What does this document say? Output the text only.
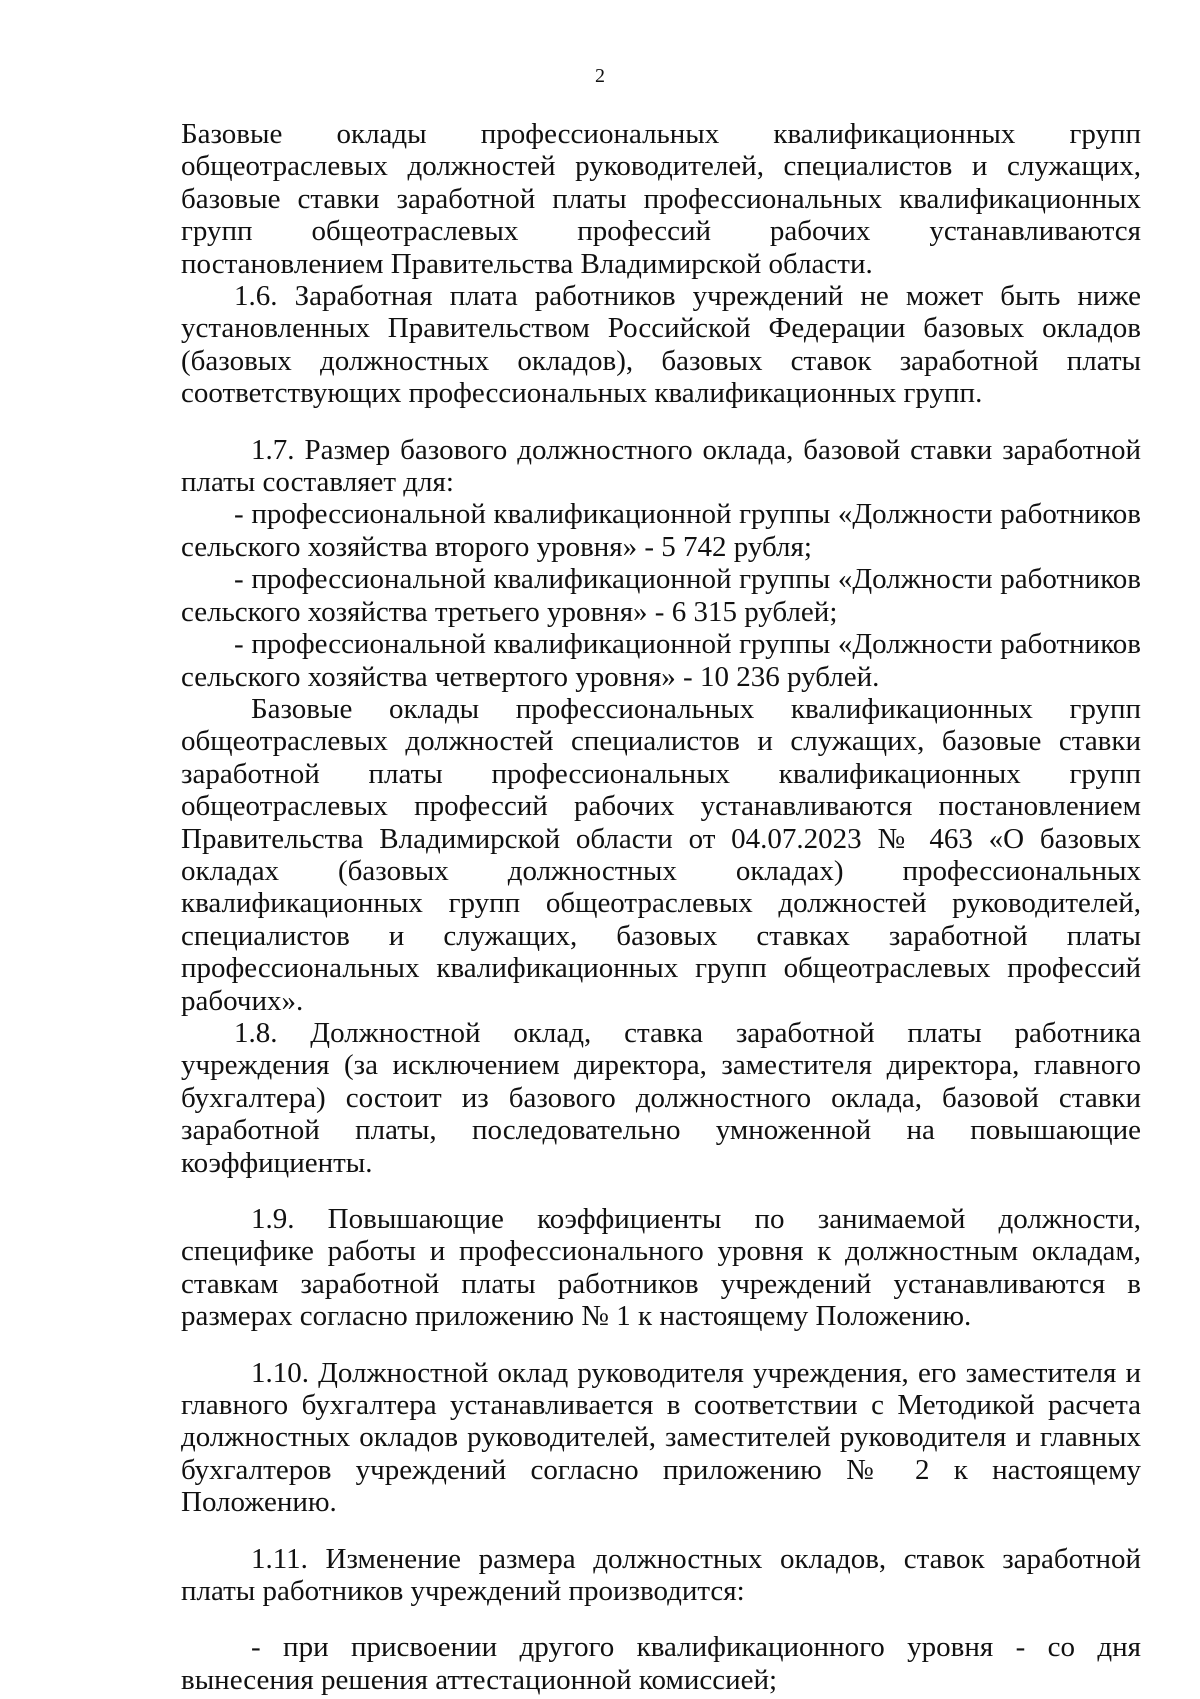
2

Базовые оклады профессиональных квалификационных групп общеотраслевых должностей руководителей, специалистов и служащих, базовые ставки заработной платы профессиональных квалификационных групп общеотраслевых профессий рабочих устанавливаются постановлением Правительства Владимирской области.

1.6. Заработная плата работников учреждений не может быть ниже установленных Правительством Российской Федерации базовых окладов (базовых должностных окладов), базовых ставок заработной платы соответствующих профессиональных квалификационных групп.

1.7. Размер базового должностного оклада, базовой ставки заработной платы составляет для:

- профессиональной квалификационной группы «Должности работников сельского хозяйства второго уровня» - 5 742 рубля;

- профессиональной квалификационной группы «Должности работников сельского хозяйства третьего уровня» - 6 315 рублей;

- профессиональной квалификационной группы «Должности работников сельского хозяйства четвертого уровня» - 10 236 рублей.

Базовые оклады профессиональных квалификационных групп общеотраслевых должностей специалистов и служащих, базовые ставки заработной платы профессиональных квалификационных групп общеотраслевых профессий рабочих устанавливаются постановлением Правительства Владимирской области от 04.07.2023 № 463 «О базовых окладах (базовых должностных окладах) профессиональных квалификационных групп общеотраслевых должностей руководителей, специалистов и служащих, базовых ставках заработной платы профессиональных квалификационных групп общеотраслевых профессий рабочих».

1.8. Должностной оклад, ставка заработной платы работника учреждения (за исключением директора, заместителя директора, главного бухгалтера) состоит из базового должностного оклада, базовой ставки заработной платы, последовательно умноженной на повышающие коэффициенты.

1.9. Повышающие коэффициенты по занимаемой должности, специфике работы и профессионального уровня к должностным окладам, ставкам заработной платы работников учреждений устанавливаются в размерах согласно приложению № 1 к настоящему Положению.

1.10. Должностной оклад руководителя учреждения, его заместителя и главного бухгалтера устанавливается в соответствии с Методикой расчета должностных окладов руководителей, заместителей руководителя и главных бухгалтеров учреждений согласно приложению № 2 к настоящему Положению.

1.11. Изменение размера должностных окладов, ставок заработной платы работников учреждений производится:

- при присвоении другого квалификационного уровня - со дня вынесения решения аттестационной комиссией;
